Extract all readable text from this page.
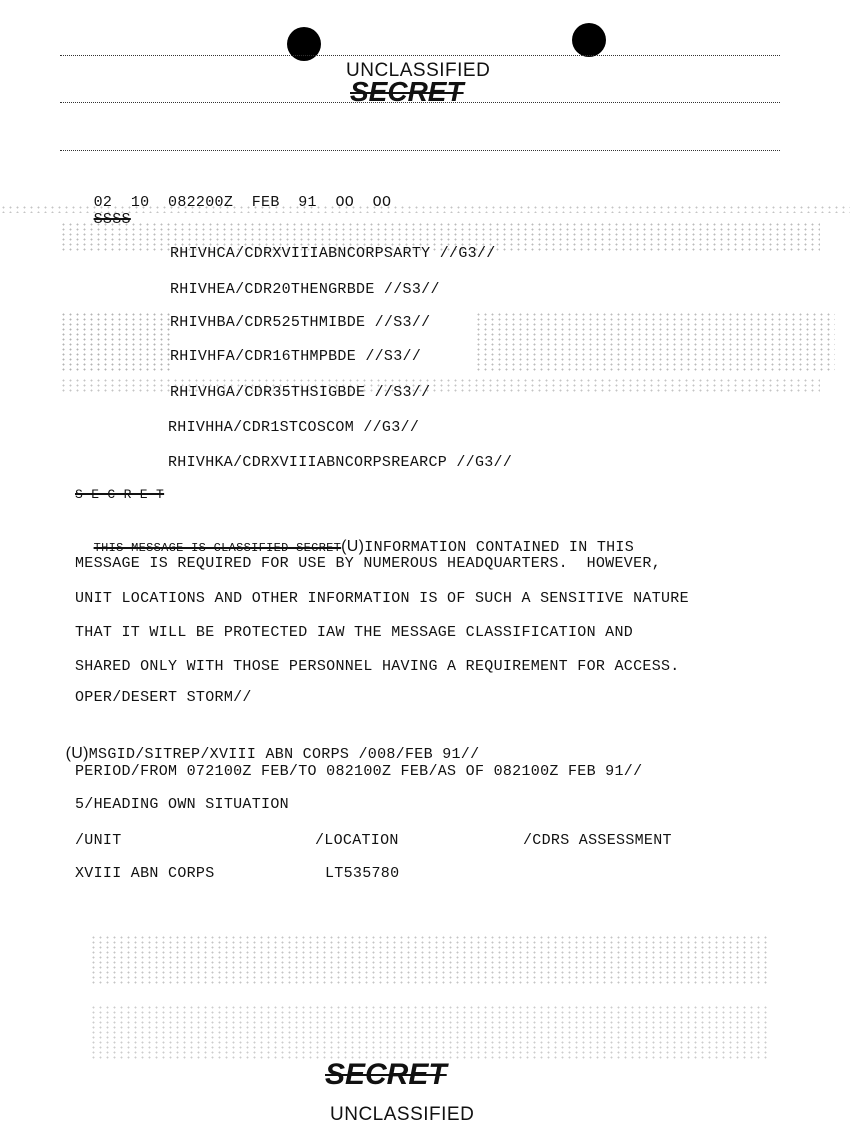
UNCLASSIFIED
SECRET

02  10  082200Z  FEB  91  OO  OO
SSSS

RHIVHCA/CDRXVIIIABNCORPSARTY //G3//
RHIVHEA/CDR20THENGRBDE //S3//
RHIVHBA/CDR525THMIBDE //S3//
RHIVHFA/CDR16THMPBDE //S3//
RHIVHGA/CDR35THSIGBDE //S3//
RHIVHHA/CDR1STCOSCOM //G3//
RHIVHKA/CDRXVIIIABNCORPSREARCP //G3//
S E C R E T

THIS MESSAGE IS CLASSIFIED SECRET(U)INFORMATION CONTAINED IN THIS

MESSAGE IS REQUIRED FOR USE BY NUMEROUS HEADQUARTERS.  HOWEVER,
UNIT LOCATIONS AND OTHER INFORMATION IS OF SUCH A SENSITIVE NATURE
THAT IT WILL BE PROTECTED IAW THE MESSAGE CLASSIFICATION AND
SHARED ONLY WITH THOSE PERSONNEL HAVING A REQUIREMENT FOR ACCESS.
OPER/DESERT STORM//

(U)MSGID/SITREP/XVIII ABN CORPS /008/FEB 91//

PERIOD/FROM 072100Z FEB/TO 082100Z FEB/AS OF 082100Z FEB 91//
5/HEADING OWN SITUATION
/UNIT	/LOCATION	/CDRS ASSESSMENT
XVIII ABN CORPS	LT535780
SECRET
UNCLASSIFIED
